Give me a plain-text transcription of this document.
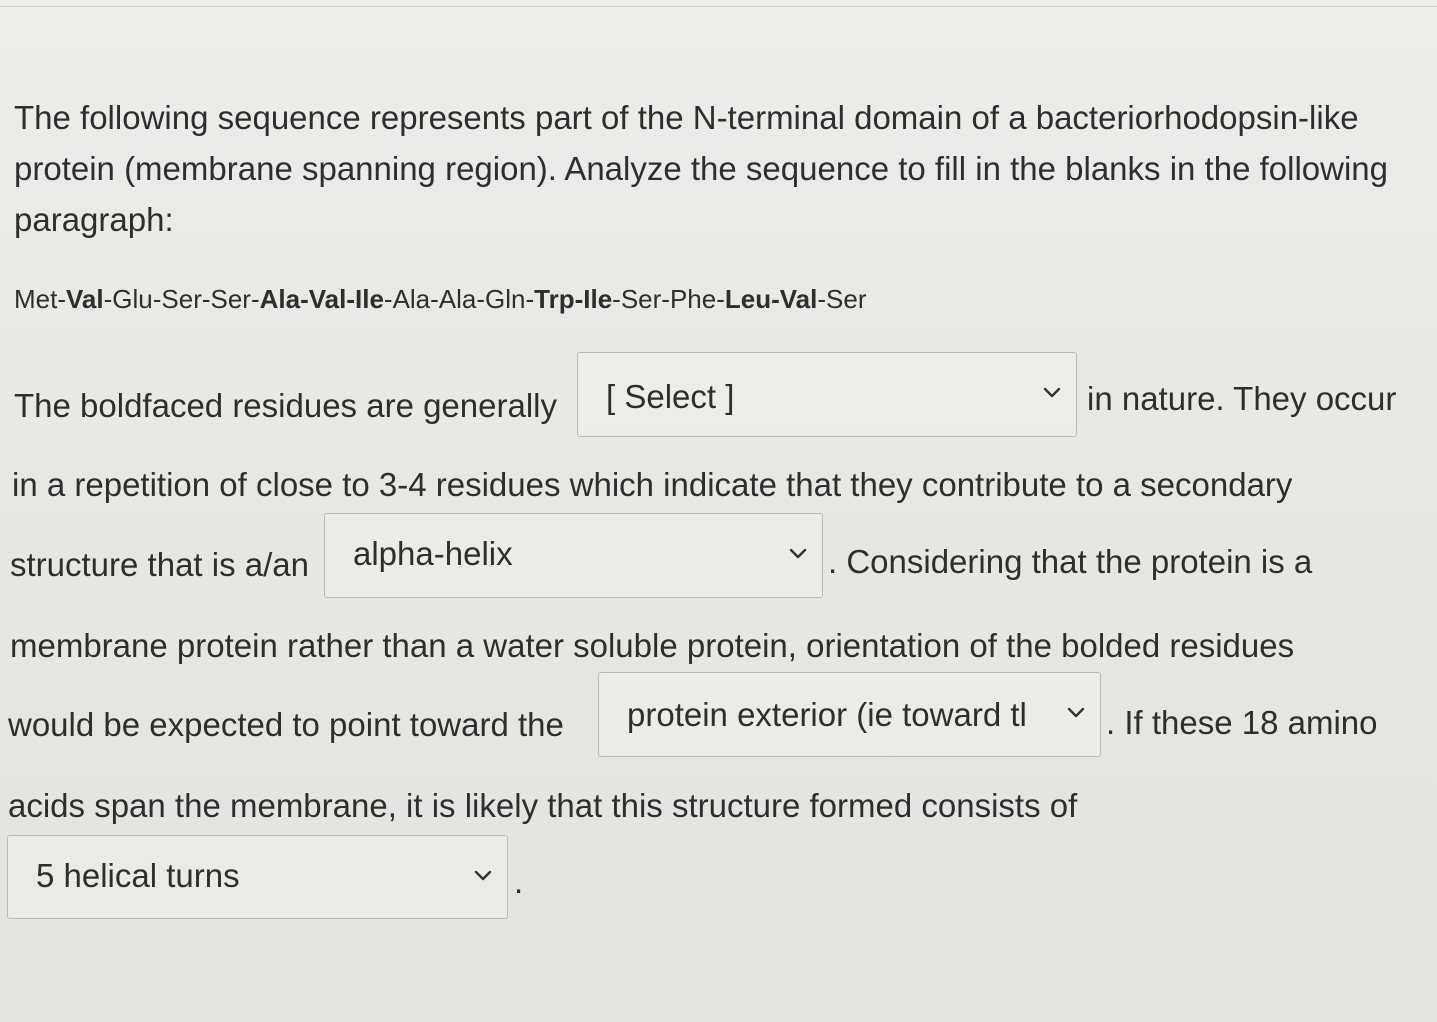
The following sequence represents part of the N-terminal domain of a bacteriorhodopsin-like protein (membrane spanning region). Analyze the sequence to fill in the blanks in the following paragraph:
Met-Val-Glu-Ser-Ser-Ala-Val-Ile-Ala-Ala-Gln-Trp-Ile-Ser-Phe-Leu-Val-Ser
The boldfaced residues are generally [ Select ]	in nature. They occur
in a repetition of close to 3-4 residues which indicate that they contribute to a secondary
structure that is a/an alpha-helix	. Considering that the protein is a
membrane protein rather than a water soluble protein, orientation of the bolded residues
would be expected to point toward the protein exterior (ie toward tl	. If these 18 amino
acids span the membrane, it is likely that this structure formed consists of
5 helical turns	.
